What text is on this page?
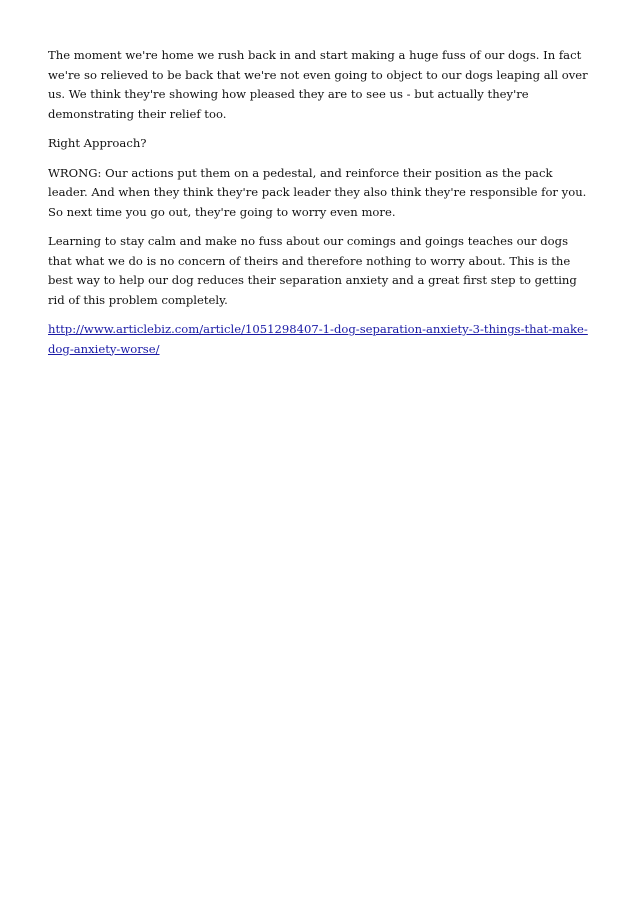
The moment we're home we rush back in and start making a huge fuss of our dogs. In fact we're so relieved to be back that we're not even going to object to our dogs leaping all over us. We think they're showing how pleased they are to see us - but actually they're demonstrating their relief too.

Right Approach?

WRONG: Our actions put them on a pedestal, and reinforce their position as the pack leader. And when they think they're pack leader they also think they're responsible for you. So next time you go out, they're going to worry even more.

Learning to stay calm and make no fuss about our comings and goings teaches our dogs that what we do is no concern of theirs and therefore nothing to worry about. This is the best way to help our dog reduces their separation anxiety and a great first step to getting rid of this problem completely.

http://www.articlebiz.com/article/1051298407-1-dog-separation-anxiety-3-things-that-make-dog-anxiety-worse/
